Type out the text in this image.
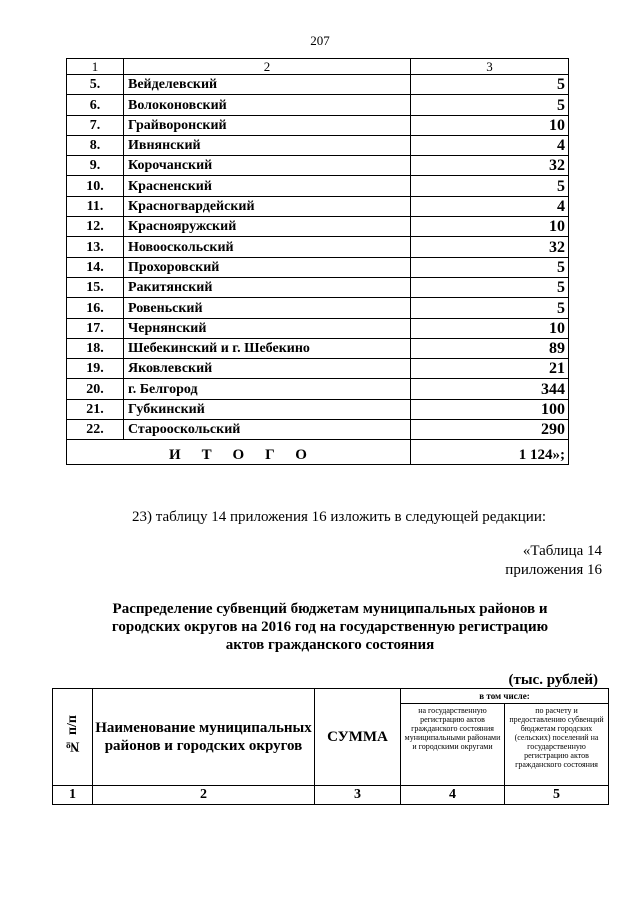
207
1	2	3
5.	Вейделевский	5
6.	Волоконовский	5
7.	Грайворонский	10
8.	Ивнянский	4
9.	Корочанский	32
10.	Красненский	5
11.	Красногвардейский	4
12.	Краснояружский	10
13.	Новооскольский	32
14.	Прохоровский	5
15.	Ракитянский	5
16.	Ровеньский	5
17.	Чернянский	10
18.	Шебекинский и г. Шебекино	89
19.	Яковлевский	21
20.	г. Белгород	344
21.	Губкинский	100
22.	Старооскольский	290
ИТОГО		1 124»;
23) таблицу 14 приложения 16 изложить в следующей редакции:
«Таблица 14
приложения 16
Распределение субвенций бюджетам муниципальных районов и городских округов на 2016 год на государственную регистрацию актов гражданского состояния
(тыс. рублей)
№ п/п	Наименование муниципальных районов и городских округов	СУММА	в том числе:	
			на государственную регистрацию актов гражданского состояния муниципальными районами и городскими округами	по расчету и предоставлению субвенций бюджетам городских (сельских) поселений на государственную регистрацию актов гражданского состояния
1	2	3	4	5
